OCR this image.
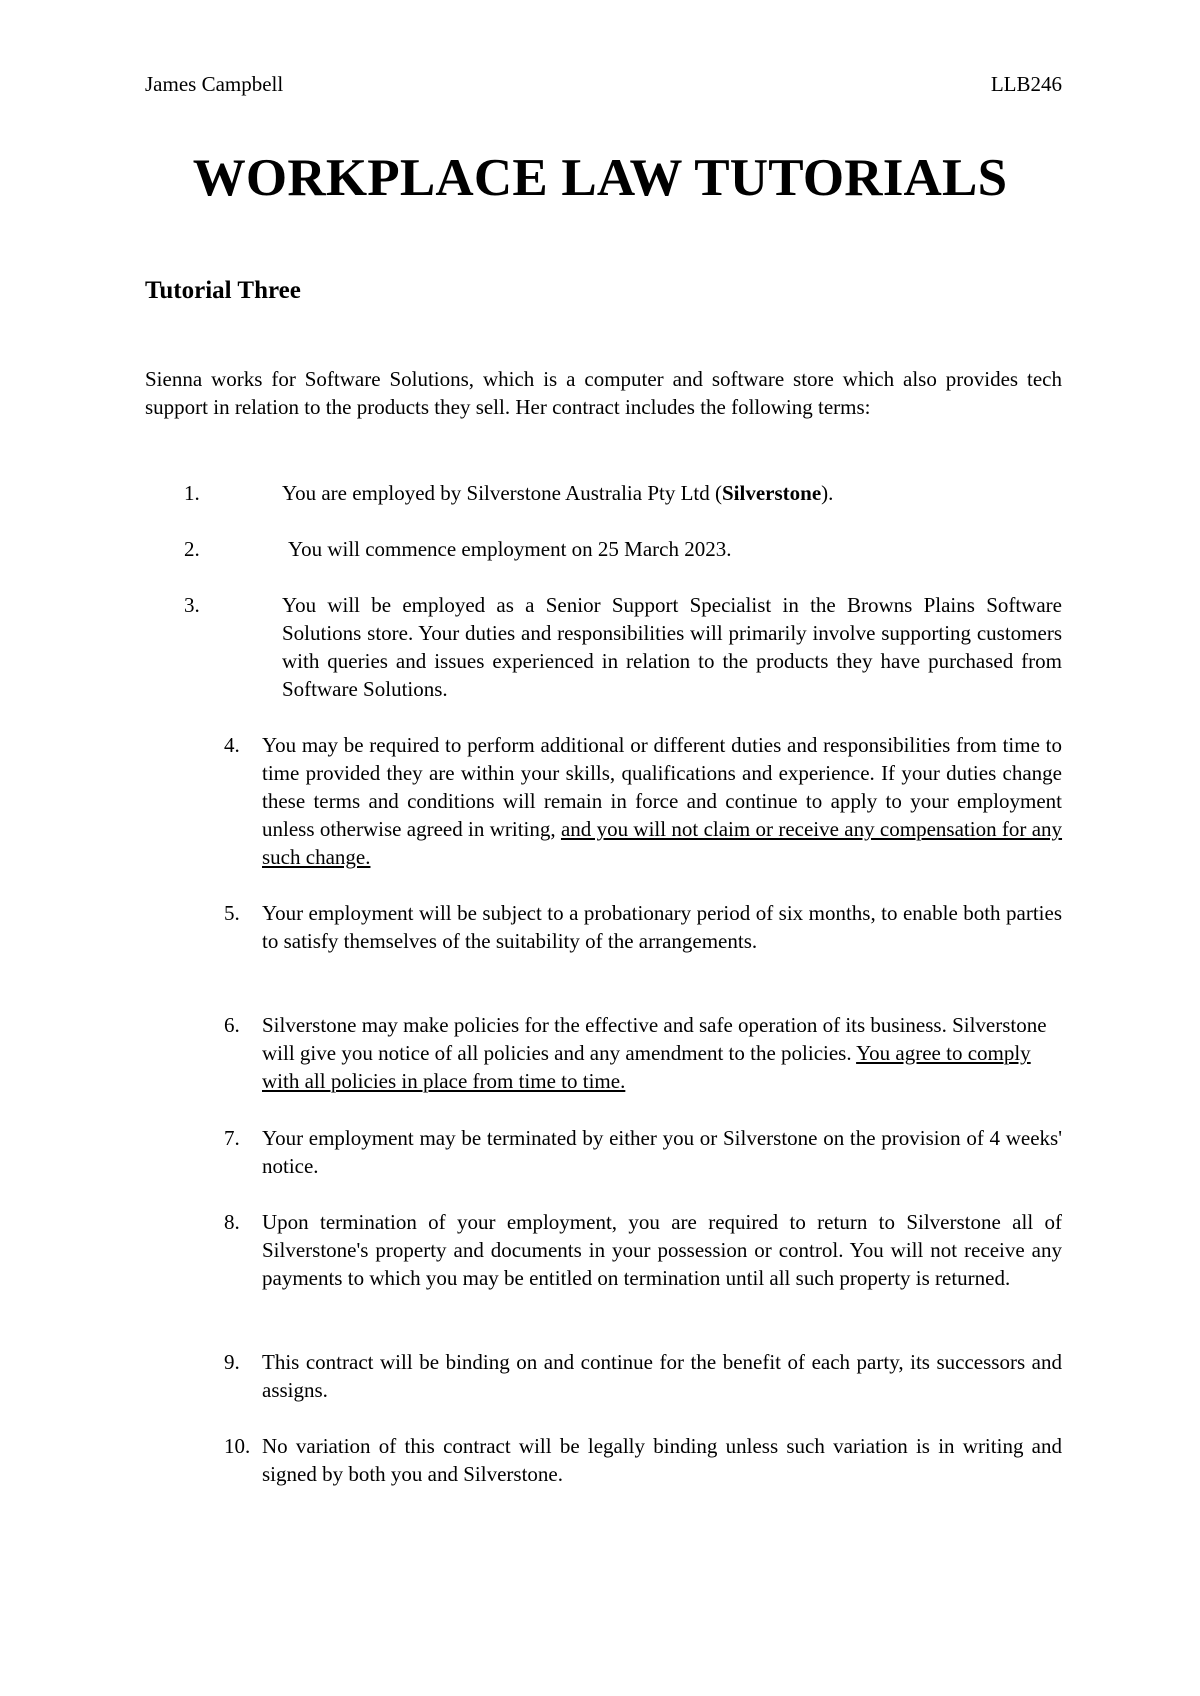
James Campbell	LLB246
WORKPLACE LAW TUTORIALS
Tutorial Three
Sienna works for Software Solutions, which is a computer and software store which also provides tech support in relation to the products they sell. Her contract includes the following terms:
1.	You are employed by Silverstone Australia Pty Ltd (Silverstone).
2.	You will commence employment on 25 March 2023.
3.	You will be employed as a Senior Support Specialist in the Browns Plains Software Solutions store. Your duties and responsibilities will primarily involve supporting customers with queries and issues experienced in relation to the products they have purchased from Software Solutions.
4. You may be required to perform additional or different duties and responsibilities from time to time provided they are within your skills, qualifications and experience. If your duties change these terms and conditions will remain in force and continue to apply to your employment unless otherwise agreed in writing, and you will not claim or receive any compensation for any such change.
5. Your employment will be subject to a probationary period of six months, to enable both parties to satisfy themselves of the suitability of the arrangements.
6. Silverstone may make policies for the effective and safe operation of its business. Silverstone will give you notice of all policies and any amendment to the policies. You agree to comply with all policies in place from time to time.
7. Your employment may be terminated by either you or Silverstone on the provision of 4 weeks' notice.
8. Upon termination of your employment, you are required to return to Silverstone all of Silverstone's property and documents in your possession or control. You will not receive any payments to which you may be entitled on termination until all such property is returned.
9. This contract will be binding on and continue for the benefit of each party, its successors and assigns.
10. No variation of this contract will be legally binding unless such variation is in writing and signed by both you and Silverstone.
